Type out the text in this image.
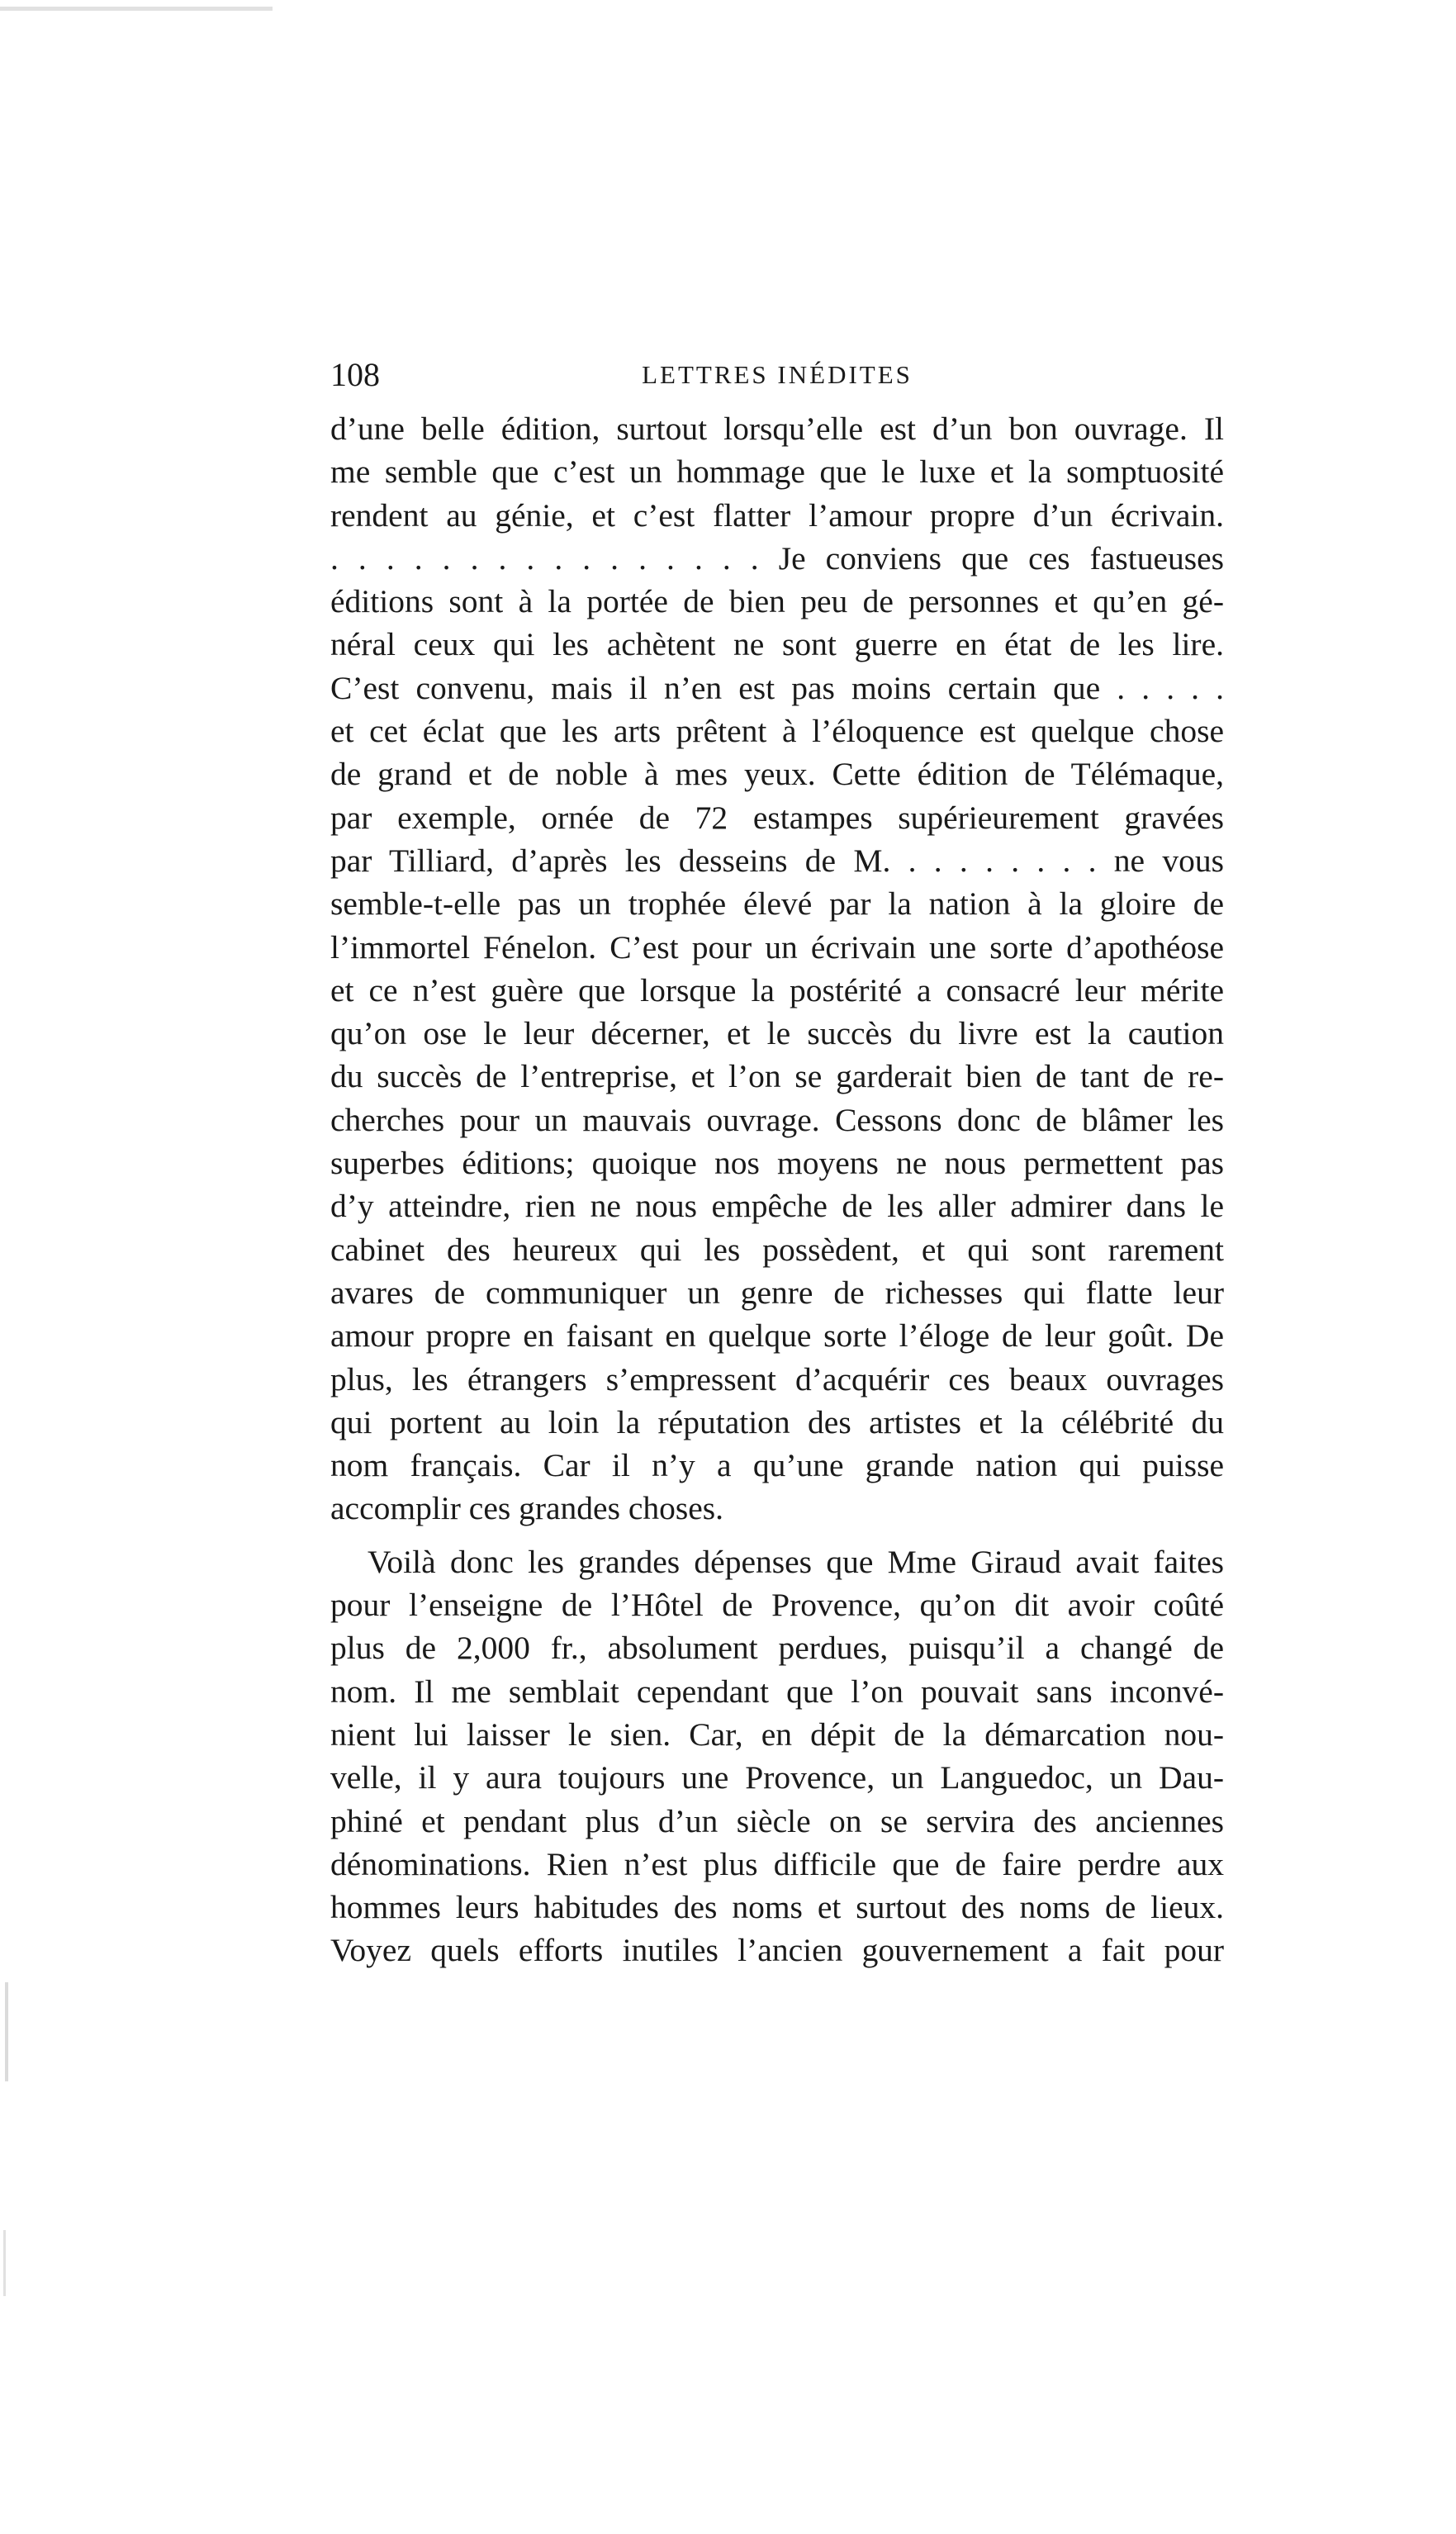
108	LETTRES INÉDITES
d’une belle édition, surtout lorsqu’elle est d’un bon ouvrage. Il
me semble que c’est un hommage que le luxe et la somptuosité
rendent au génie, et c’est flatter l’amour propre d’un écrivain.
. . . . . . . . . . . . . . . . Je conviens que ces fastueuses
éditions sont à la portée de bien peu de personnes et qu’en gé-
néral ceux qui les achètent ne sont guerre en état de les lire.
C’est convenu, mais il n’en est pas moins certain que . . . . .
et cet éclat que les arts prêtent à l’éloquence est quelque chose
de grand et de noble à mes yeux. Cette édition de Télémaque,
par exemple, ornée de 72 estampes supérieurement gravées
par Tilliard, d’après les desseins de M. . . . . . . . . ne vous
semble-t-elle pas un trophée élevé par la nation à la gloire de
l’immortel Fénelon. C’est pour un écrivain une sorte d’apothéose
et ce n’est guère que lorsque la postérité a consacré leur mérite
qu’on ose le leur décerner, et le succès du livre est la caution
du succès de l’entreprise, et l’on se garderait bien de tant de re-
cherches pour un mauvais ouvrage. Cessons donc de blâmer les
superbes éditions; quoique nos moyens ne nous permettent pas
d’y atteindre, rien ne nous empêche de les aller admirer dans le
cabinet des heureux qui les possèdent, et qui sont rarement
avares de communiquer un genre de richesses qui flatte leur
amour propre en faisant en quelque sorte l’éloge de leur goût. De
plus, les étrangers s’empressent d’acquérir ces beaux ouvrages
qui portent au loin la réputation des artistes et la célébrité du
nom français. Car il n’y a qu’une grande nation qui puisse
accomplir ces grandes choses.
Voilà donc les grandes dépenses que Mme Giraud avait faites
pour l’enseigne de l’Hôtel de Provence, qu’on dit avoir coûté
plus de 2,000 fr., absolument perdues, puisqu’il a changé de
nom. Il me semblait cependant que l’on pouvait sans inconvé-
nient lui laisser le sien. Car, en dépit de la démarcation nou-
velle, il y aura toujours une Provence, un Languedoc, un Dau-
phiné et pendant plus d’un siècle on se servira des anciennes
dénominations. Rien n’est plus difficile que de faire perdre aux
hommes leurs habitudes des noms et surtout des noms de lieux.
Voyez quels efforts inutiles l’ancien gouvernement a fait pour
